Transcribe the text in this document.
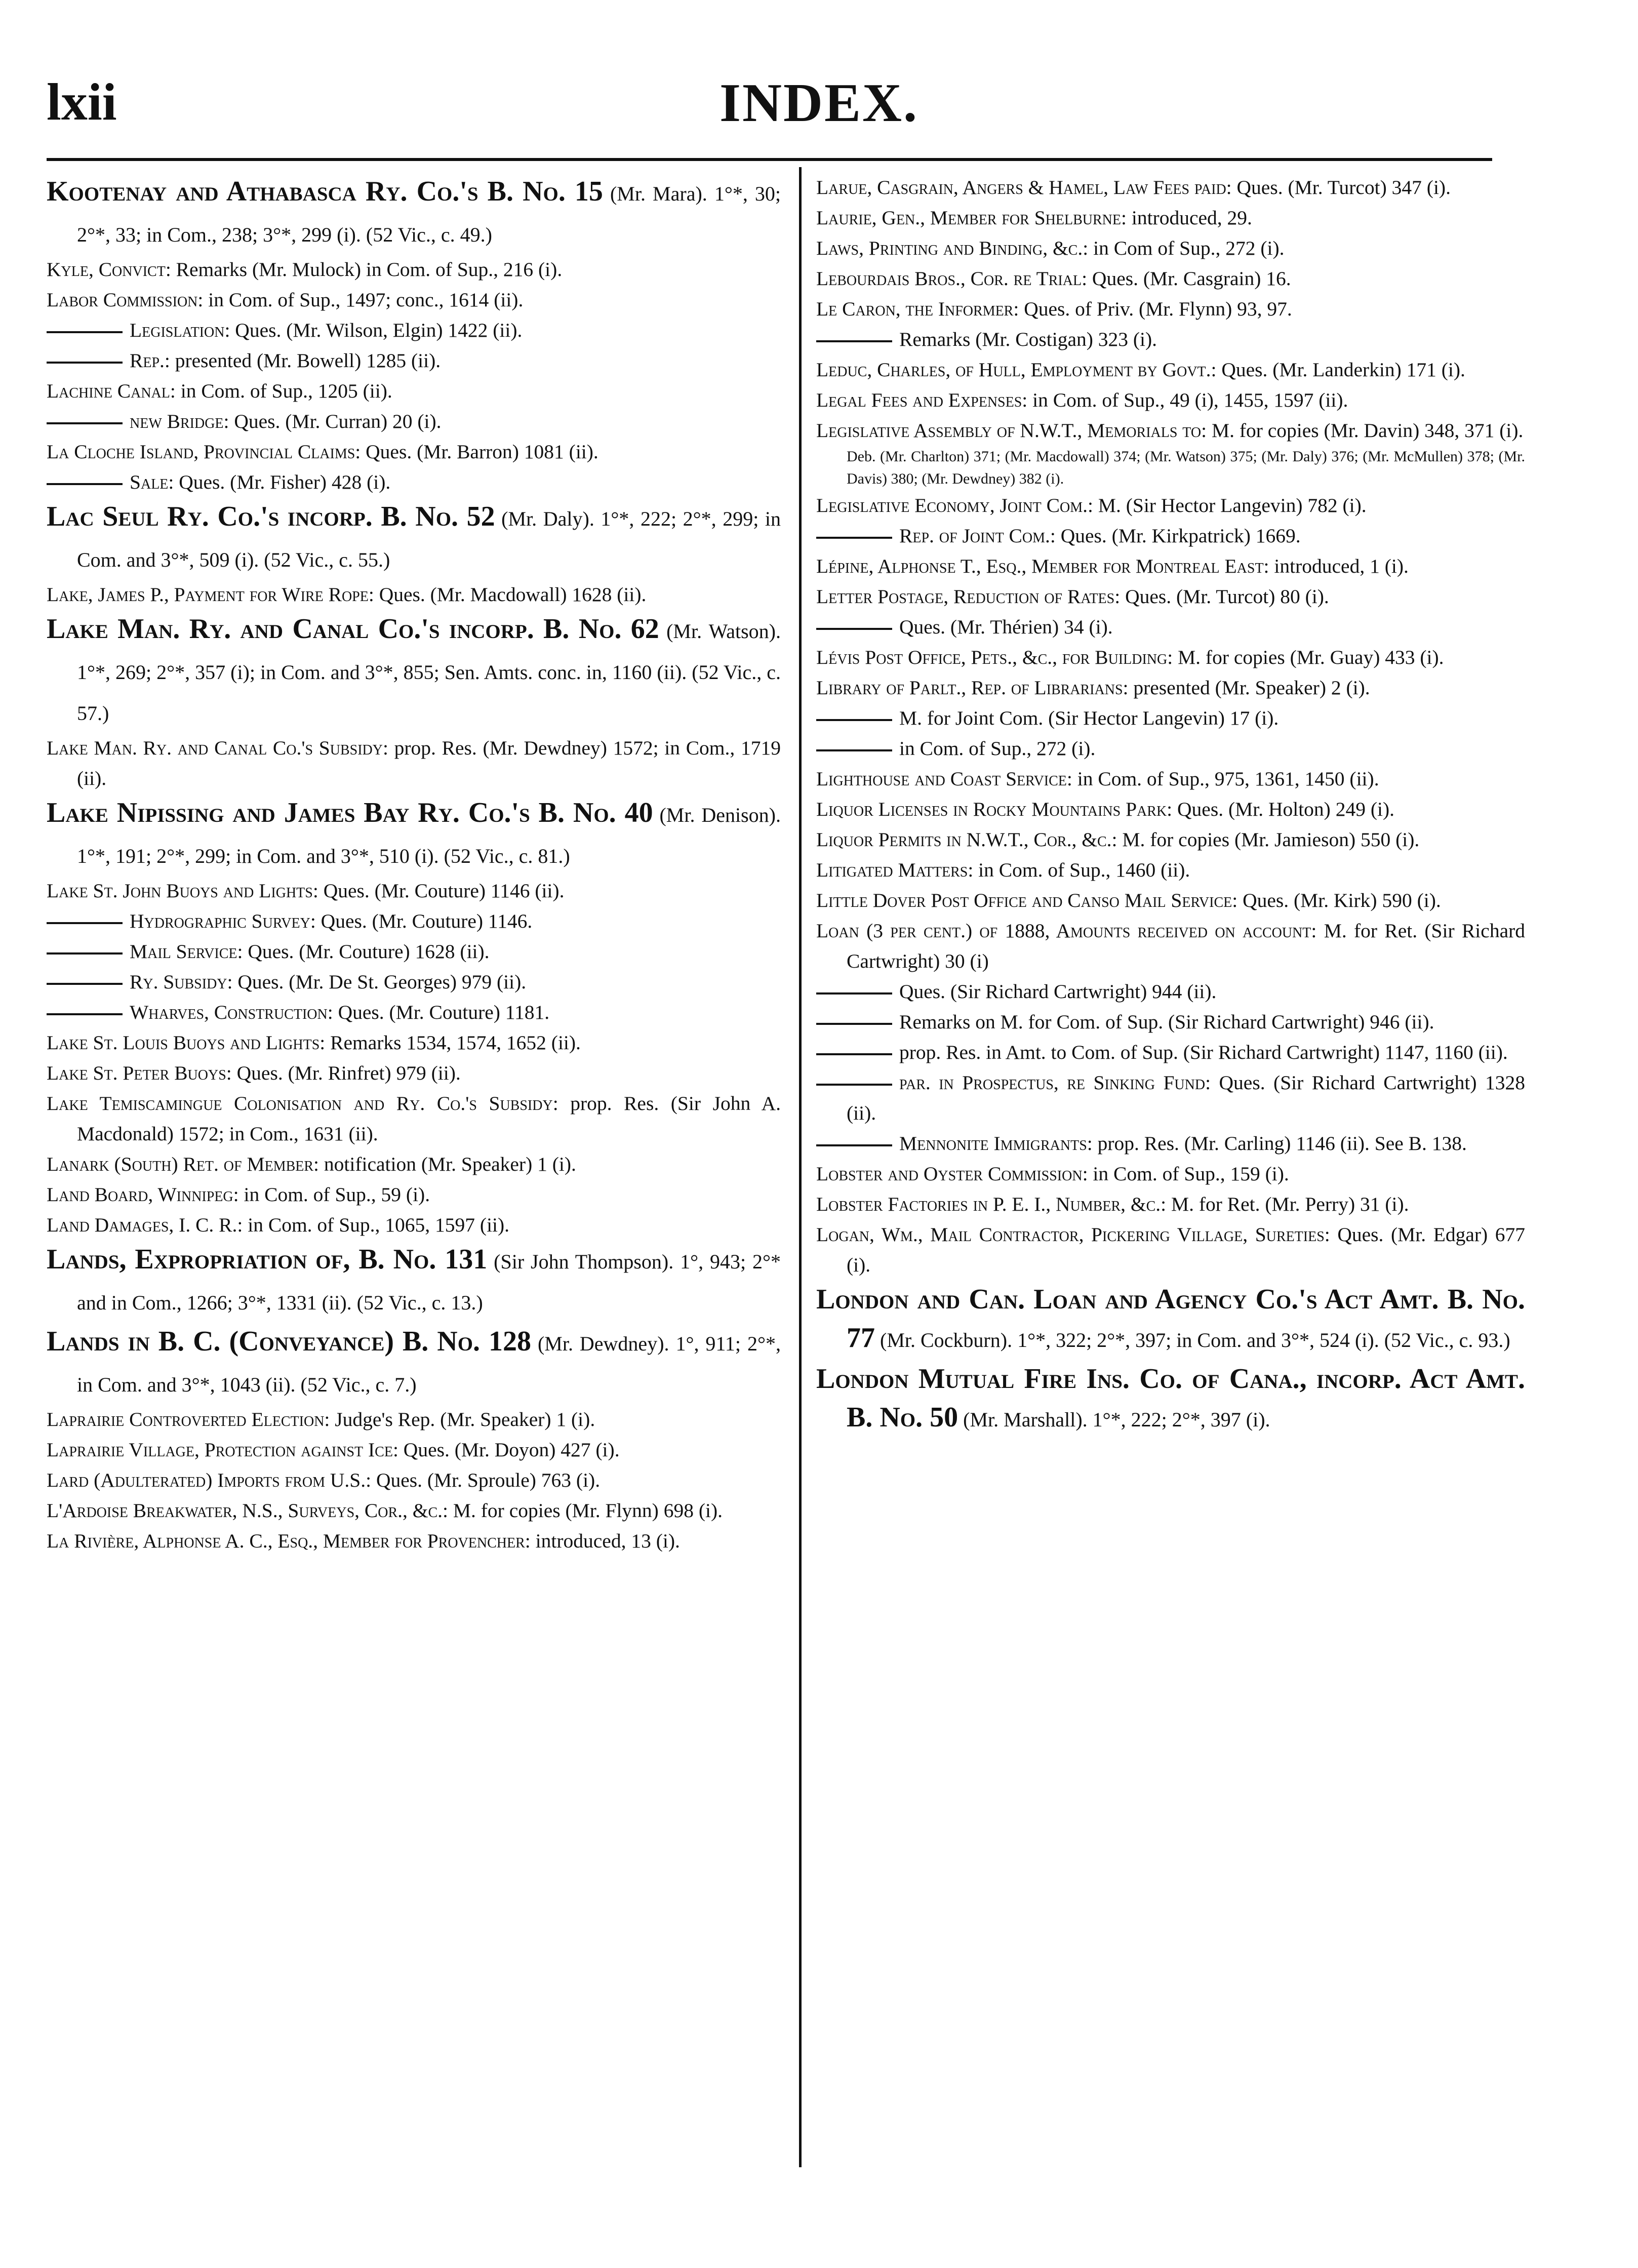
lxii	INDEX.

Kootenay and Athabasca Ry. Co.'s B. No. 15 (Mr. Mara). 1°*, 30; 2°*, 33; in Com., 238; 3°*, 299 (i). (52 Vic., c. 49.)

Kyle, Convict: Remarks (Mr. Mulock) in Com. of Sup., 216 (i).

Labor Commission: in Com. of Sup., 1497; conc., 1614 (ii).

Legislation: Ques. (Mr. Wilson, Elgin) 1422 (ii).

Rep.: presented (Mr. Bowell) 1285 (ii).

Lachine Canal: in Com. of Sup., 1205 (ii).

new Bridge: Ques. (Mr. Curran) 20 (i).

La Cloche Island, Provincial Claims: Ques. (Mr. Barron) 1081 (ii).

Sale: Ques. (Mr. Fisher) 428 (i).

Lac Seul Ry. Co.'s incorp. B. No. 52 (Mr. Daly). 1°*, 222; 2°*, 299; in Com. and 3°*, 509 (i). (52 Vic., c. 55.)

Lake, James P., Payment for Wire Rope: Ques. (Mr. Macdowall) 1628 (ii).

Lake Man. Ry. and Canal Co.'s incorp. B. No. 62 (Mr. Watson). 1°*, 269; 2°*, 357 (i); in Com. and 3°*, 855; Sen. Amts. conc. in, 1160 (ii). (52 Vic., c. 57.)

Lake Man. Ry. and Canal Co.'s Subsidy: prop. Res. (Mr. Dewdney) 1572; in Com., 1719 (ii).

Lake Nipissing and James Bay Ry. Co.'s B. No. 40 (Mr. Denison). 1°*, 191; 2°*, 299; in Com. and 3°*, 510 (i). (52 Vic., c. 81.)

Lake St. John Buoys and Lights: Ques. (Mr. Couture) 1146 (ii).

Hydrographic Survey: Ques. (Mr. Couture) 1146.

Mail Service: Ques. (Mr. Couture) 1628 (ii).

Ry. Subsidy: Ques. (Mr. De St. Georges) 979 (ii).

Wharves, Construction: Ques. (Mr. Couture) 1181.

Lake St. Louis Buoys and Lights: Remarks 1534, 1574, 1652 (ii).

Lake St. Peter Buoys: Ques. (Mr. Rinfret) 979 (ii).

Lake Temiscamingue Colonisation and Ry. Co.'s Subsidy: prop. Res. (Sir John A. Macdonald) 1572; in Com., 1631 (ii).

Lanark (South) Ret. of Member: notification (Mr. Speaker) 1 (i).

Land Board, Winnipeg: in Com. of Sup., 59 (i).

Land Damages, I. C. R.: in Com. of Sup., 1065, 1597 (ii).

Lands, Expropriation of, B. No. 131 (Sir John Thompson). 1°, 943; 2°* and in Com., 1266; 3°*, 1331 (ii). (52 Vic., c. 13.)

Lands in B. C. (Conveyance) B. No. 128 (Mr. Dewdney). 1°, 911; 2°*, in Com. and 3°*, 1043 (ii). (52 Vic., c. 7.)

Laprairie Controverted Election: Judge's Rep. (Mr. Speaker) 1 (i).

Laprairie Village, Protection against Ice: Ques. (Mr. Doyon) 427 (i).

Lard (Adulterated) Imports from U.S.: Ques. (Mr. Sproule) 763 (i).

L'Ardoise Breakwater, N.S., Surveys, Cor., &c.: M. for copies (Mr. Flynn) 698 (i).

La Rivière, Alphonse A. C., Esq., Member for Provencher: introduced, 13 (i).

Larue, Casgrain, Angers & Hamel, Law Fees paid: Ques. (Mr. Turcot) 347 (i).

Laurie, Gen., Member for Shelburne: introduced, 29.

Laws, Printing and Binding, &c.: in Com of Sup., 272 (i).

Lebourdais Bros., Cor. re Trial: Ques. (Mr. Casgrain) 16.

Le Caron, the Informer: Ques. of Priv. (Mr. Flynn) 93, 97.

Remarks (Mr. Costigan) 323 (i).

Leduc, Charles, of Hull, Employment by Govt.: Ques. (Mr. Landerkin) 171 (i).

Legal Fees and Expenses: in Com. of Sup., 49 (i), 1455, 1597 (ii).

Legislative Assembly of N.W.T., Memorials to: M. for copies (Mr. Davin) 348, 371 (i).

Deb. (Mr. Charlton) 371; (Mr. Macdowall) 374; (Mr. Watson) 375; (Mr. Daly) 376; (Mr. McMullen) 378; (Mr. Davis) 380; (Mr. Dewdney) 382 (i).

Legislative Economy, Joint Com.: M. (Sir Hector Langevin) 782 (i).

Rep. of Joint Com.: Ques. (Mr. Kirkpatrick) 1669.

Lépine, Alphonse T., Esq., Member for Montreal East: introduced, 1 (i).

Letter Postage, Reduction of Rates: Ques. (Mr. Turcot) 80 (i).

Ques. (Mr. Thérien) 34 (i).

Lévis Post Office, Pets., &c., for Building: M. for copies (Mr. Guay) 433 (i).

Library of Parlt., Rep. of Librarians: presented (Mr. Speaker) 2 (i).

M. for Joint Com. (Sir Hector Langevin) 17 (i).

in Com. of Sup., 272 (i).

Lighthouse and Coast Service: in Com. of Sup., 975, 1361, 1450 (ii).

Liquor Licenses in Rocky Mountains Park: Ques. (Mr. Holton) 249 (i).

Liquor Permits in N.W.T., Cor., &c.: M. for copies (Mr. Jamieson) 550 (i).

Litigated Matters: in Com. of Sup., 1460 (ii).

Little Dover Post Office and Canso Mail Service: Ques. (Mr. Kirk) 590 (i).

Loan (3 per cent.) of 1888, Amounts received on account: M. for Ret. (Sir Richard Cartwright) 30 (i)

Ques. (Sir Richard Cartwright) 944 (ii).

Remarks on M. for Com. of Sup. (Sir Richard Cartwright) 946 (ii).

prop. Res. in Amt. to Com. of Sup. (Sir Richard Cartwright) 1147, 1160 (ii).

par. in Prospectus, re Sinking Fund: Ques. (Sir Richard Cartwright) 1328 (ii).

Mennonite Immigrants: prop. Res. (Mr. Carling) 1146 (ii). See B. 138.

Lobster and Oyster Commission: in Com. of Sup., 159 (i).

Lobster Factories in P. E. I., Number, &c.: M. for Ret. (Mr. Perry) 31 (i).

Logan, Wm., Mail Contractor, Pickering Village, Sureties: Ques. (Mr. Edgar) 677 (i).

London and Can. Loan and Agency Co.'s Act Amt. B. No. 77 (Mr. Cockburn). 1°*, 322; 2°*, 397; in Com. and 3°*, 524 (i). (52 Vic., c. 93.)

London Mutual Fire Ins. Co. of Cana., incorp. Act Amt. B. No. 50 (Mr. Marshall). 1°*, 222; 2°*, 397 (i).
